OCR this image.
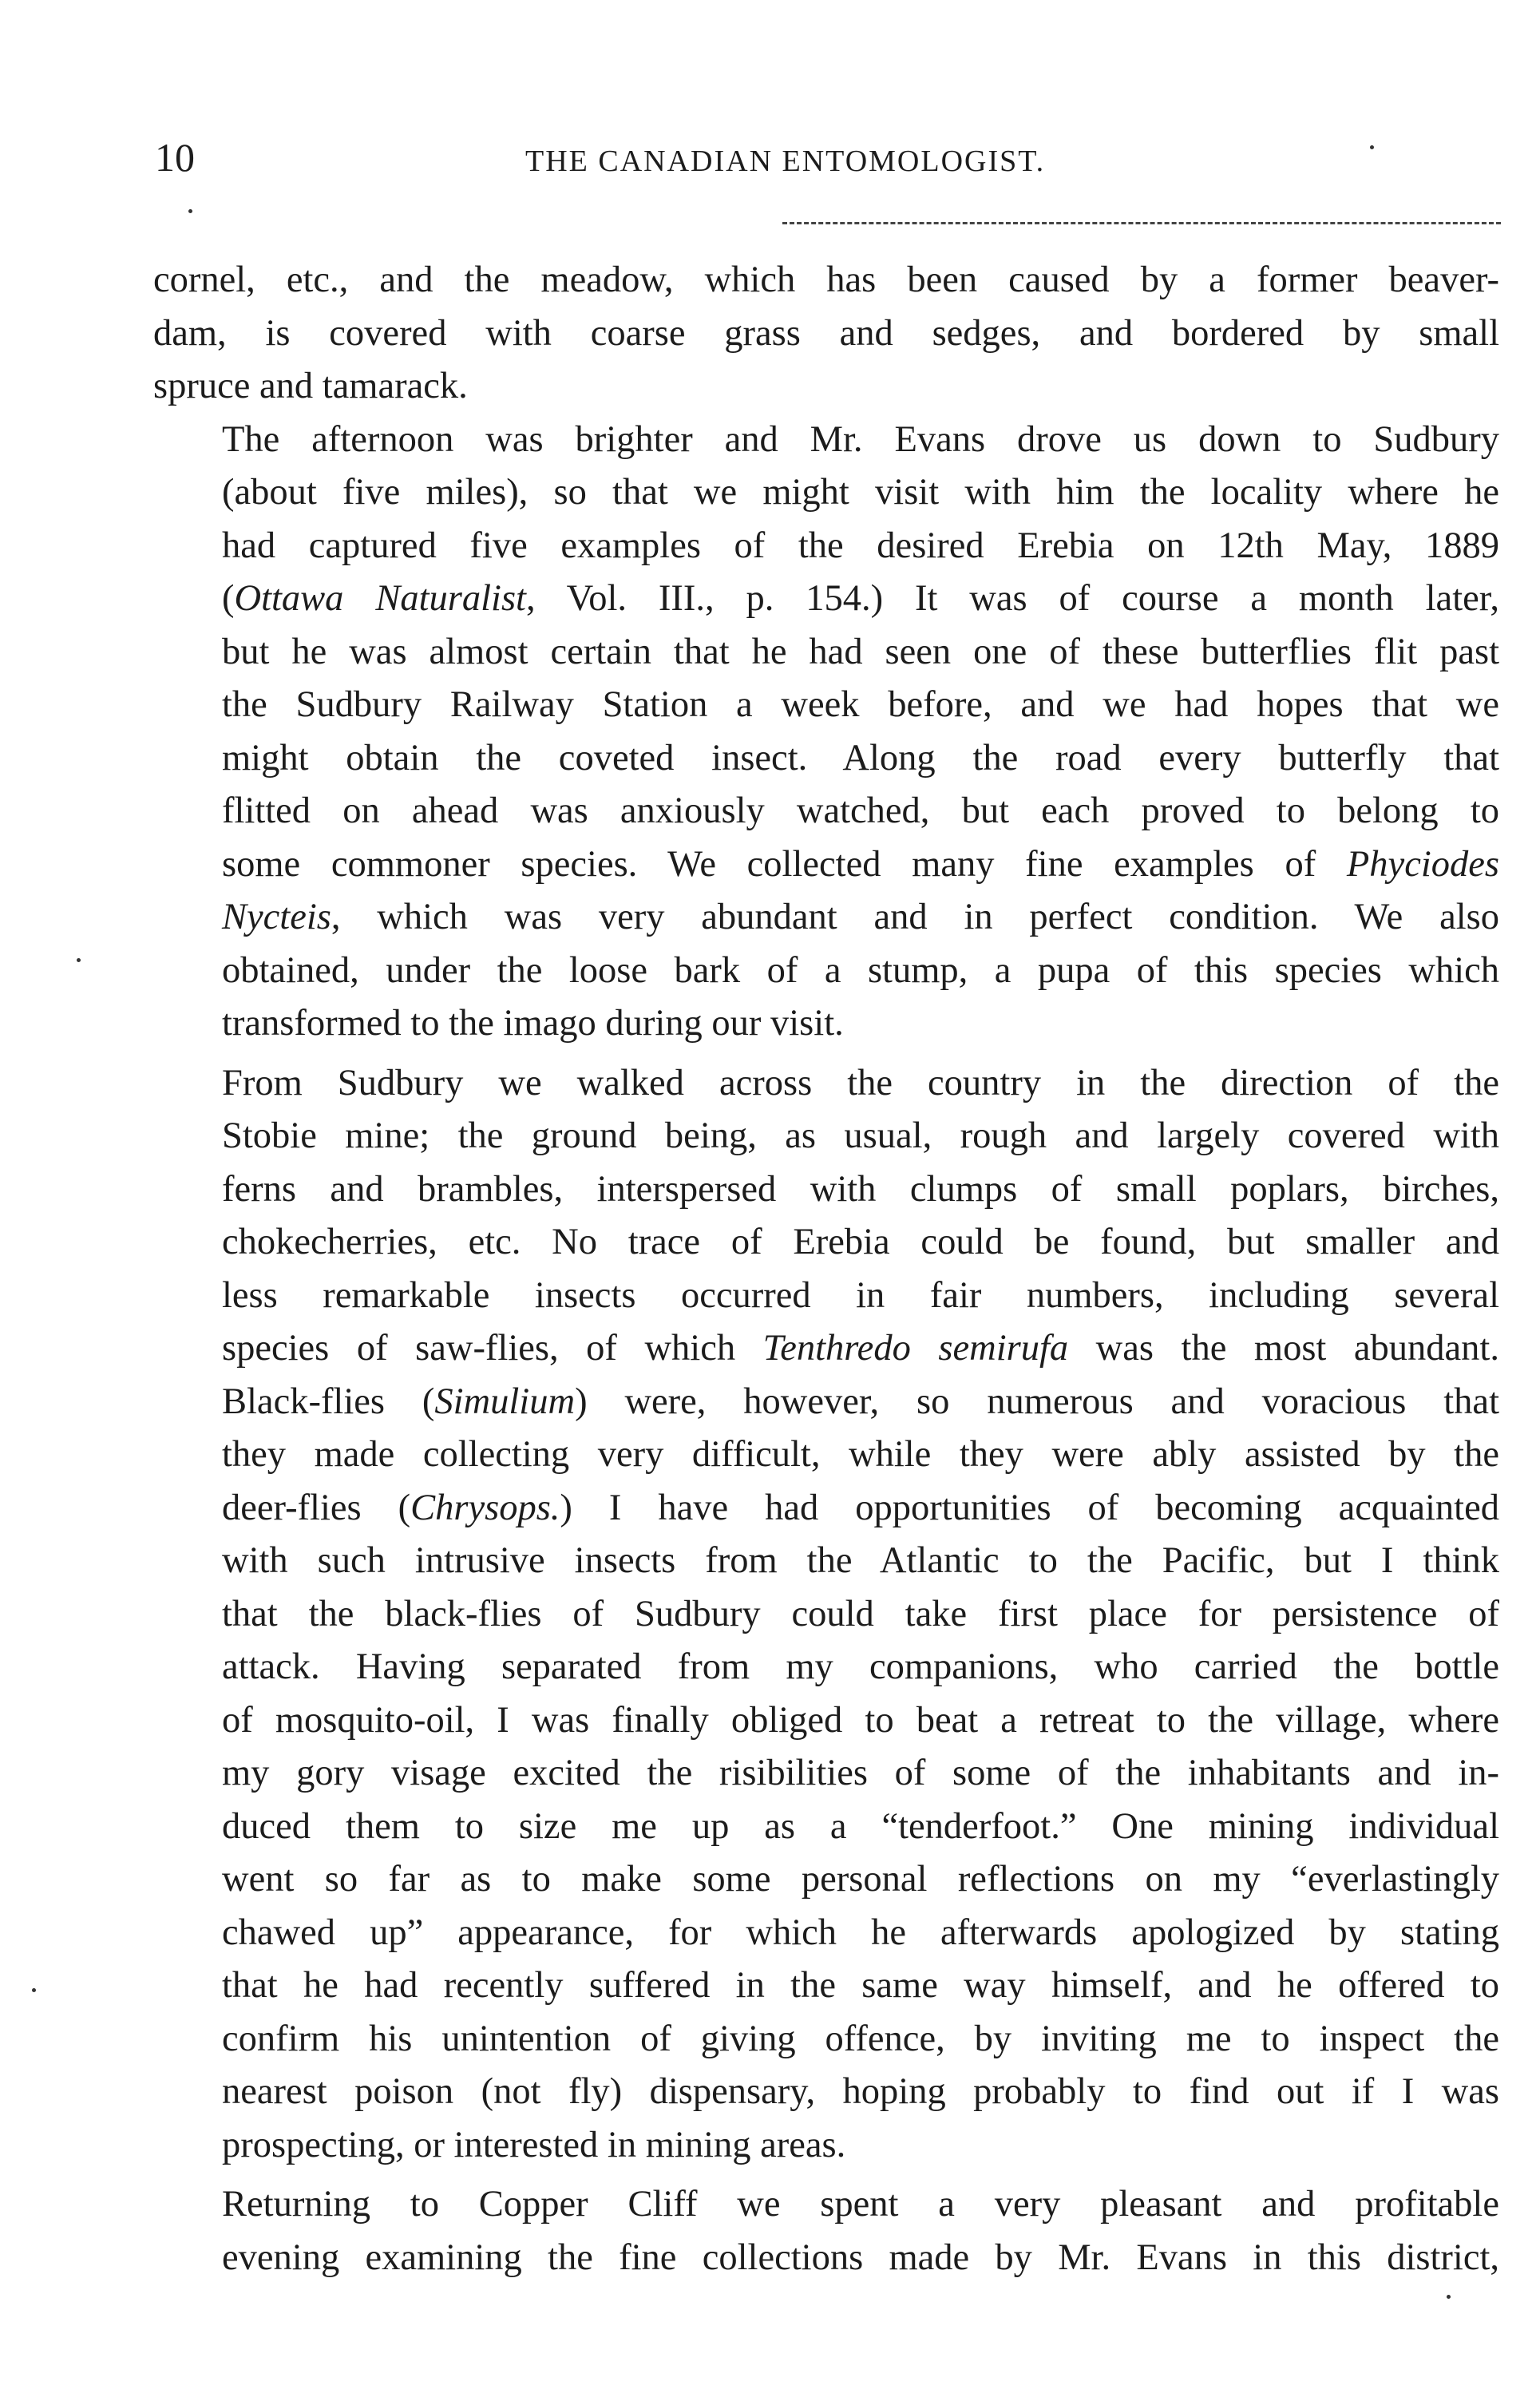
10	THE CANADIAN ENTOMOLOGIST.

cornel, etc., and the meadow, which has been caused by a former beaver-
dam, is covered with coarse grass and sedges, and bordered by small
spruce and tamarack.

The afternoon was brighter and Mr. Evans drove us down to Sudbury
(about five miles), so that we might visit with him the locality where he
had captured five examples of the desired Erebia on 12th May, 1889
(Ottawa Naturalist, Vol. III., p. 154.) It was of course a month later,
but he was almost certain that he had seen one of these butterflies flit past
the Sudbury Railway Station a week before, and we had hopes that we
might obtain the coveted insect. Along the road every butterfly that
flitted on ahead was anxiously watched, but each proved to belong to
some commoner species. We collected many fine examples of Phyciodes
Nycteis, which was very abundant and in perfect condition. We also
obtained, under the loose bark of a stump, a pupa of this species which
transformed to the imago during our visit.

From Sudbury we walked across the country in the direction of the
Stobie mine; the ground being, as usual, rough and largely covered with
ferns and brambles, interspersed with clumps of small poplars, birches,
chokecherries, etc. No trace of Erebia could be found, but smaller and
less remarkable insects occurred in fair numbers, including several
species of saw-flies, of which Tenthredo semirufa was the most abundant.
Black-flies (Simulium) were, however, so numerous and voracious that
they made collecting very difficult, while they were ably assisted by the
deer-flies (Chrysops.) I have had opportunities of becoming acquainted
with such intrusive insects from the Atlantic to the Pacific, but I think
that the black-flies of Sudbury could take first place for persistence of
attack. Having separated from my companions, who carried the bottle
of mosquito-oil, I was finally obliged to beat a retreat to the village, where
my gory visage excited the risibilities of some of the inhabitants and in-
duced them to size me up as a “tenderfoot.” One mining individual
went so far as to make some personal reflections on my “everlastingly
chawed up” appearance, for which he afterwards apologized by stating
that he had recently suffered in the same way himself, and he offered to
confirm his unintention of giving offence, by inviting me to inspect the
nearest poison (not fly) dispensary, hoping probably to find out if I was
prospecting, or interested in mining areas.

Returning to Copper Cliff we spent a very pleasant and profitable
evening examining the fine collections made by Mr. Evans in this district,
